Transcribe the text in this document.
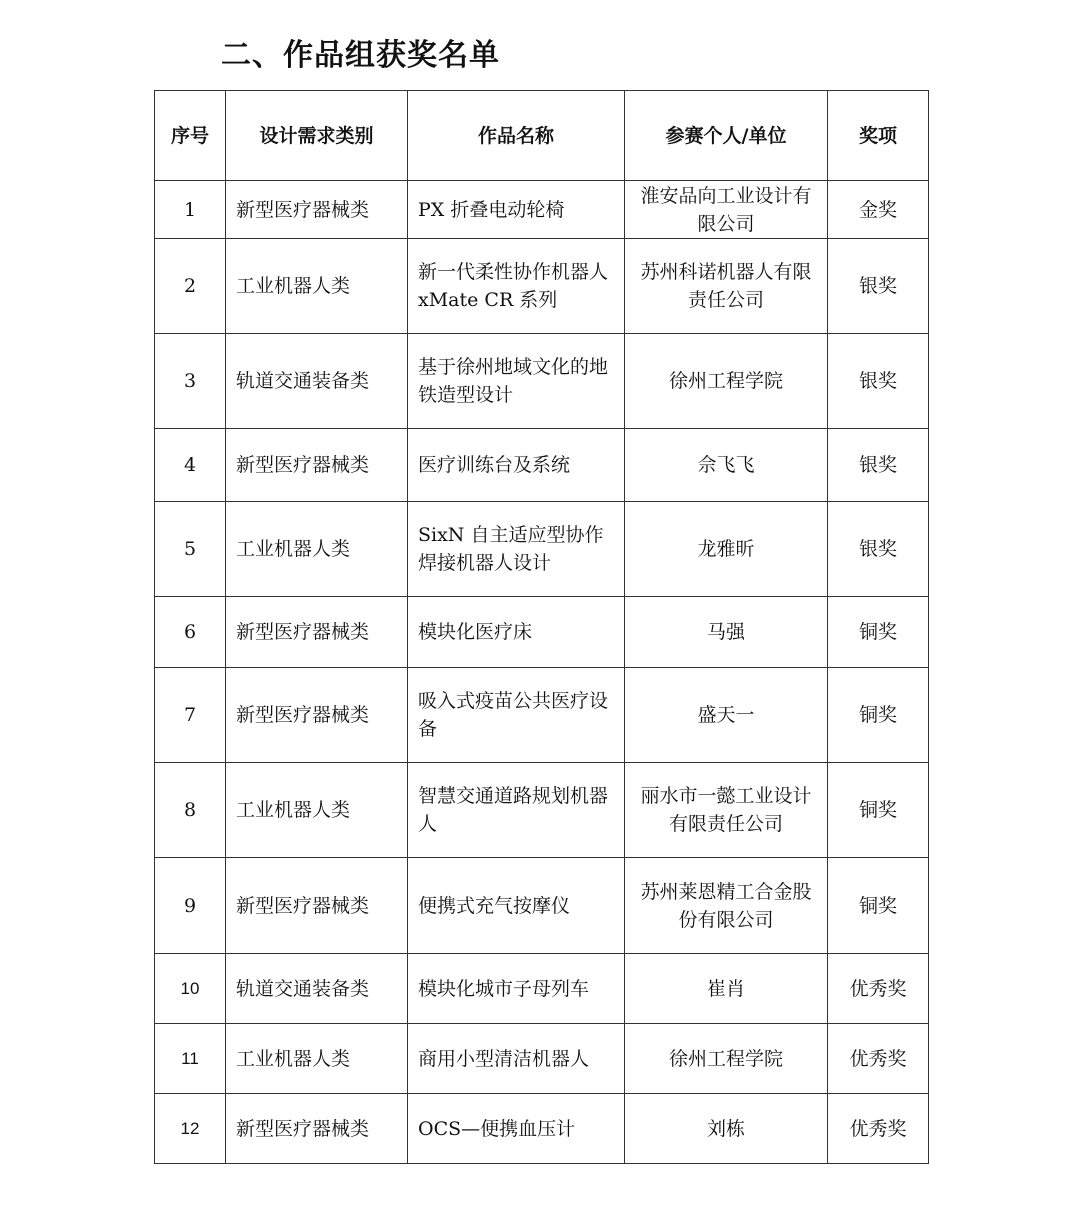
二、作品组获奖名单
序号	设计需求类别	作品名称	参赛个人/单位	奖项
1	新型医疗器械类	PX 折叠电动轮椅	淮安品向工业设计有限公司	金奖
2	工业机器人类	新一代柔性协作机器人 xMate CR 系列	苏州科诺机器人有限责任公司	银奖
3	轨道交通装备类	基于徐州地域文化的地铁造型设计	徐州工程学院	银奖
4	新型医疗器械类	医疗训练台及系统	佘飞飞	银奖
5	工业机器人类	SixN 自主适应型协作焊接机器人设计	龙雅昕	银奖
6	新型医疗器械类	模块化医疗床	马强	铜奖
7	新型医疗器械类	吸入式疫苗公共医疗设备	盛天一	铜奖
8	工业机器人类	智慧交通道路规划机器人	丽水市一懿工业设计有限责任公司	铜奖
9	新型医疗器械类	便携式充气按摩仪	苏州莱恩精工合金股份有限公司	铜奖
10	轨道交通装备类	模块化城市子母列车	崔肖	优秀奖
11	工业机器人类	商用小型清洁机器人	徐州工程学院	优秀奖
12	新型医疗器械类	OCS—便携血压计	刘栋	优秀奖
